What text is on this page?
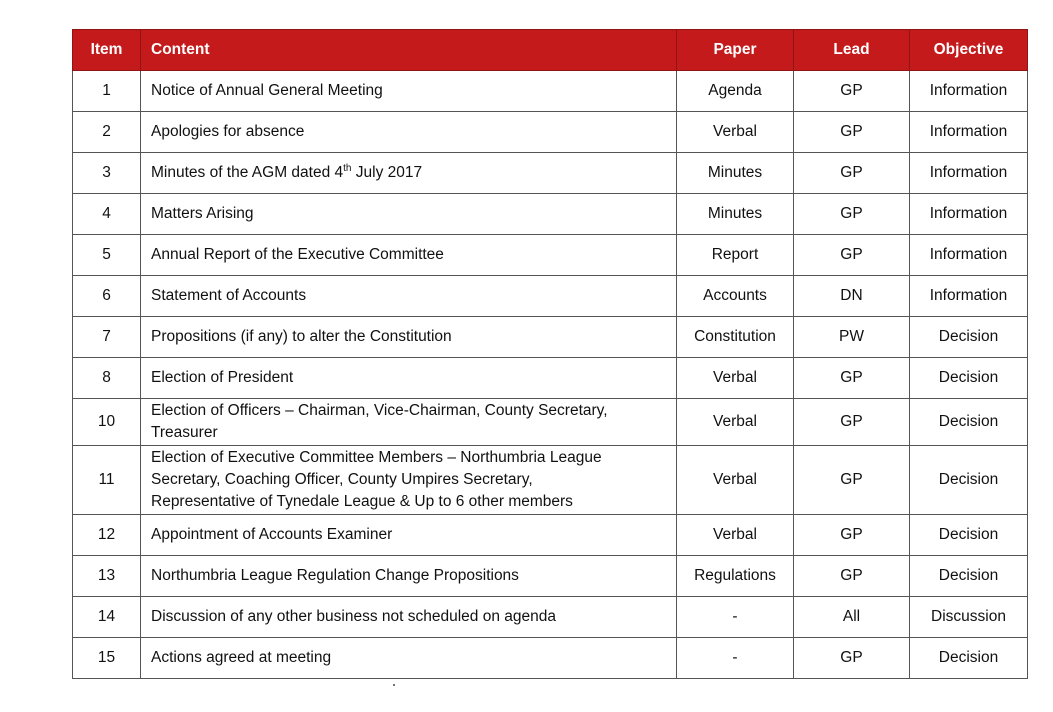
Item	Content	Paper	Lead	Objective
1	Notice of Annual General Meeting	Agenda	GP	Information
2	Apologies for absence	Verbal	GP	Information
3	Minutes of the AGM dated 4th July 2017	Minutes	GP	Information
4	Matters Arising	Minutes	GP	Information
5	Annual Report of the Executive Committee	Report	GP	Information
6	Statement of Accounts	Accounts	DN	Information
7	Propositions (if any) to alter the Constitution	Constitution	PW	Decision
8	Election of President	Verbal	GP	Decision
10	Election of Officers – Chairman, Vice-Chairman, County Secretary,
Treasurer	Verbal	GP	Decision
11	Election of Executive Committee Members – Northumbria League
Secretary, Coaching Officer, County Umpires Secretary,
Representative of Tynedale League & Up to 6 other members	Verbal	GP	Decision
12	Appointment of Accounts Examiner	Verbal	GP	Decision
13	Northumbria League Regulation Change Propositions	Regulations	GP	Decision
14	Discussion of any other business not scheduled on agenda	-	All	Discussion
15	Actions agreed at meeting	-	GP	Decision
